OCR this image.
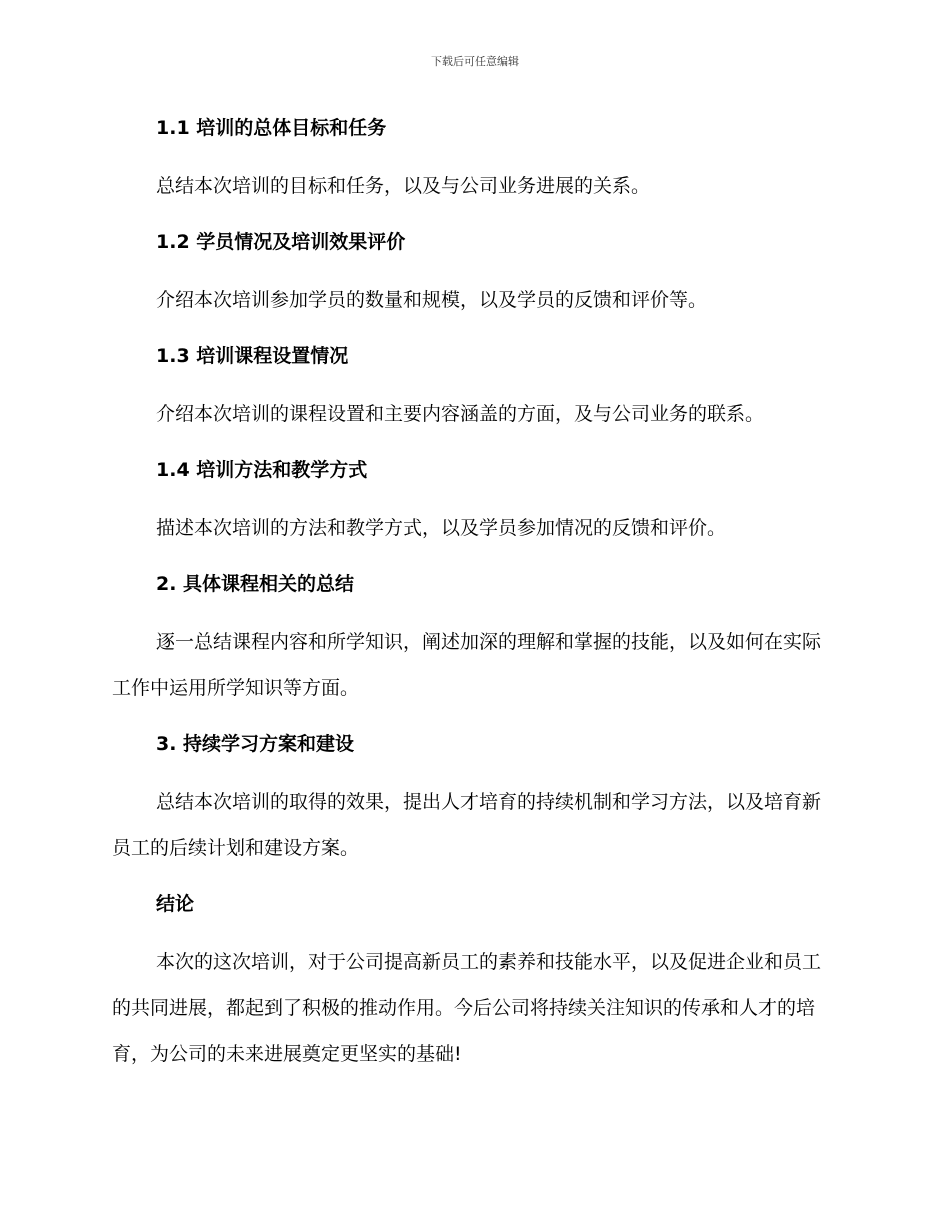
下载后可任意编辑
1.1 培训的总体目标和任务

总结本次培训的目标和任务，以及与公司业务进展的关系。

1.2 学员情况及培训效果评价

介绍本次培训参加学员的数量和规模，以及学员的反馈和评价等。

1.3 培训课程设置情况

介绍本次培训的课程设置和主要内容涵盖的方面，及与公司业务的联系。

1.4 培训方法和教学方式

描述本次培训的方法和教学方式，以及学员参加情况的反馈和评价。

2. 具体课程相关的总结

逐一总结课程内容和所学知识，阐述加深的理解和掌握的技能，以及如何在实际工作中运用所学知识等方面。

3. 持续学习方案和建设

总结本次培训的取得的效果，提出人才培育的持续机制和学习方法，以及培育新员工的后续计划和建设方案。

结论

本次的这次培训，对于公司提高新员工的素养和技能水平，以及促进企业和员工的共同进展，都起到了积极的推动作用。今后公司将持续关注知识的传承和人才的培育，为公司的未来进展奠定更坚实的基础!
